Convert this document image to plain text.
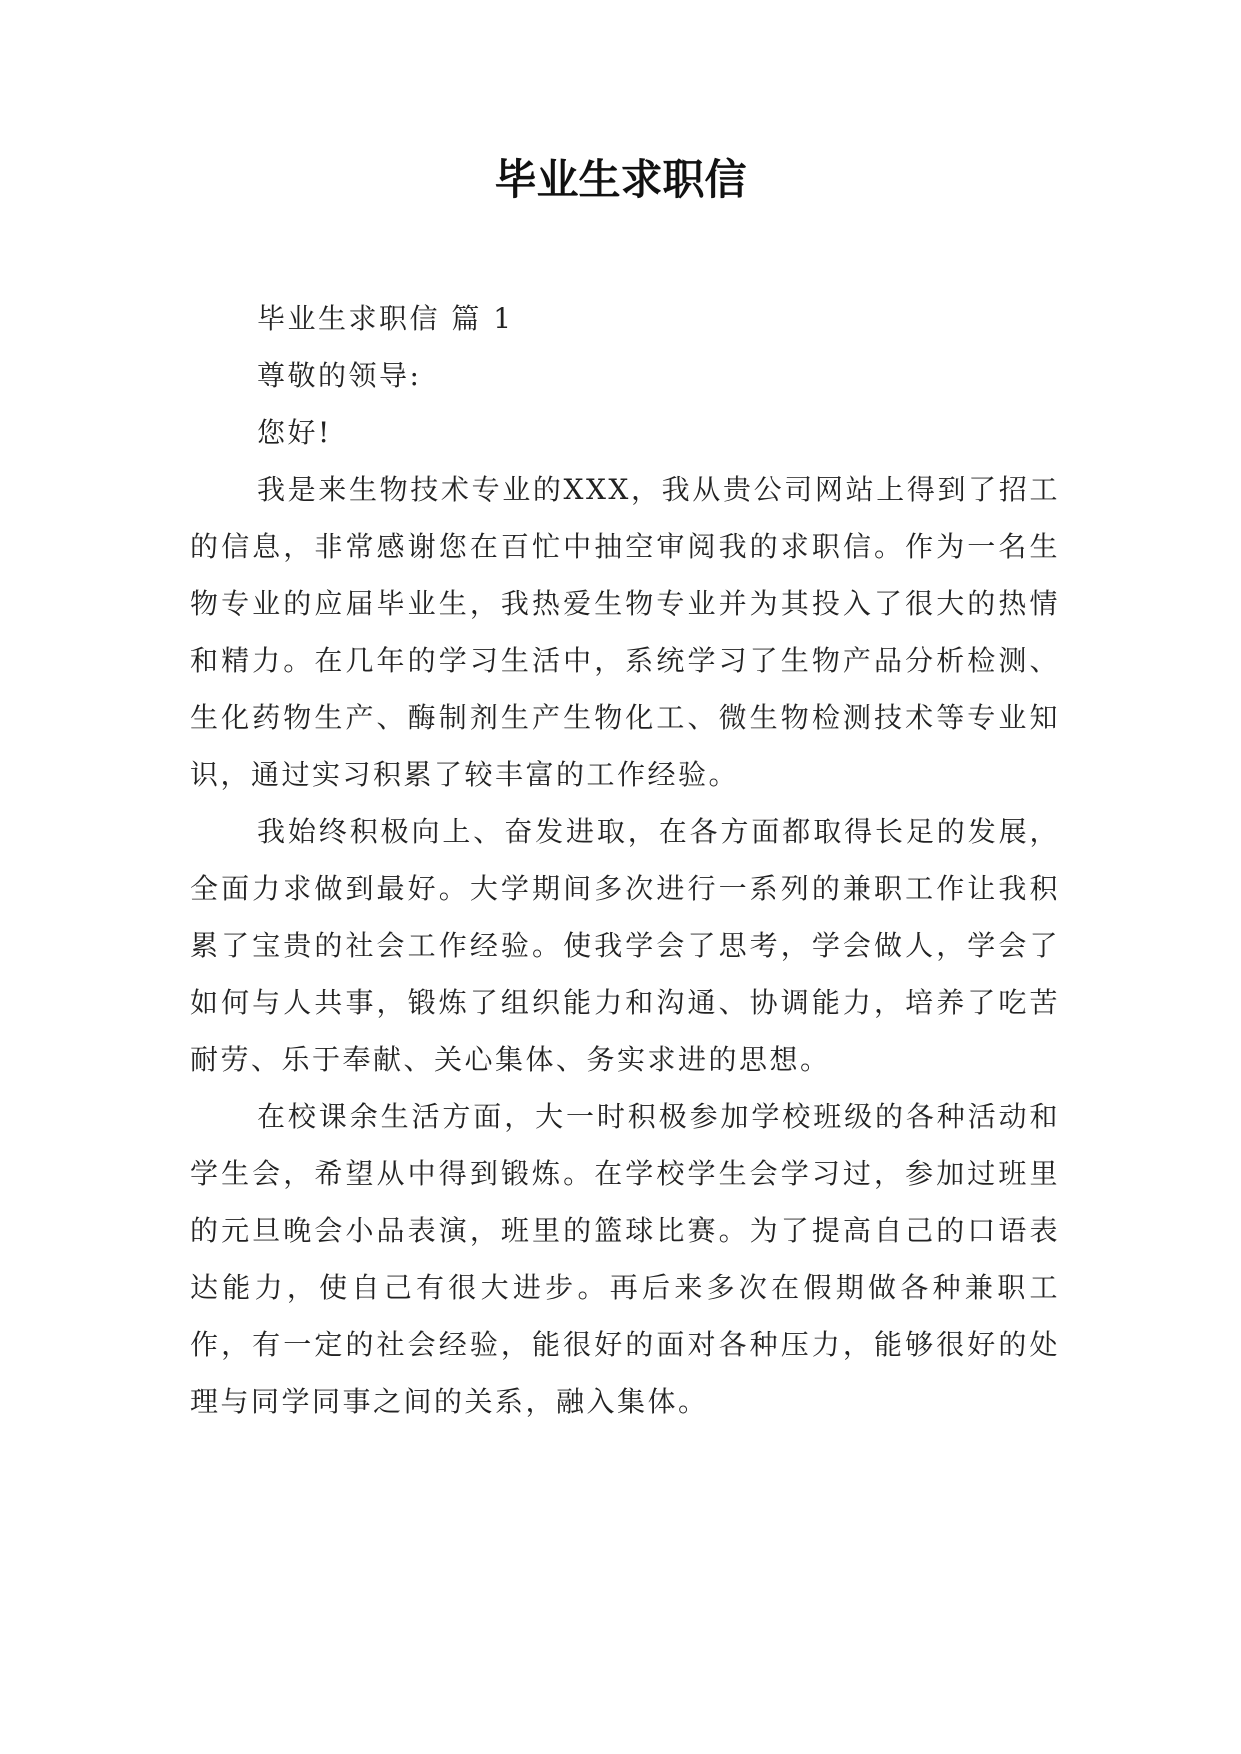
毕业生求职信

毕业生求职信 篇 1

尊敬的领导:

您好!

我是来生物技术专业的XXX，我从贵公司网站上得到了招工的信息，非常感谢您在百忙中抽空审阅我的求职信。作为一名生物专业的应届毕业生，我热爱生物专业并为其投入了很大的热情和精力。在几年的学习生活中，系统学习了生物产品分析检测、生化药物生产、酶制剂生产生物化工、微生物检测技术等专业知识，通过实习积累了较丰富的工作经验。

我始终积极向上、奋发进取，在各方面都取得长足的发展，全面力求做到最好。大学期间多次进行一系列的兼职工作让我积累了宝贵的社会工作经验。使我学会了思考，学会做人，学会了如何与人共事，锻炼了组织能力和沟通、协调能力，培养了吃苦耐劳、乐于奉献、关心集体、务实求进的思想。

在校课余生活方面，大一时积极参加学校班级的各种活动和学生会，希望从中得到锻炼。在学校学生会学习过，参加过班里的元旦晚会小品表演，班里的篮球比赛。为了提高自己的口语表达能力，使自己有很大进步。再后来多次在假期做各种兼职工作，有一定的社会经验，能很好的面对各种压力，能够很好的处理与同学同事之间的关系，融入集体。
